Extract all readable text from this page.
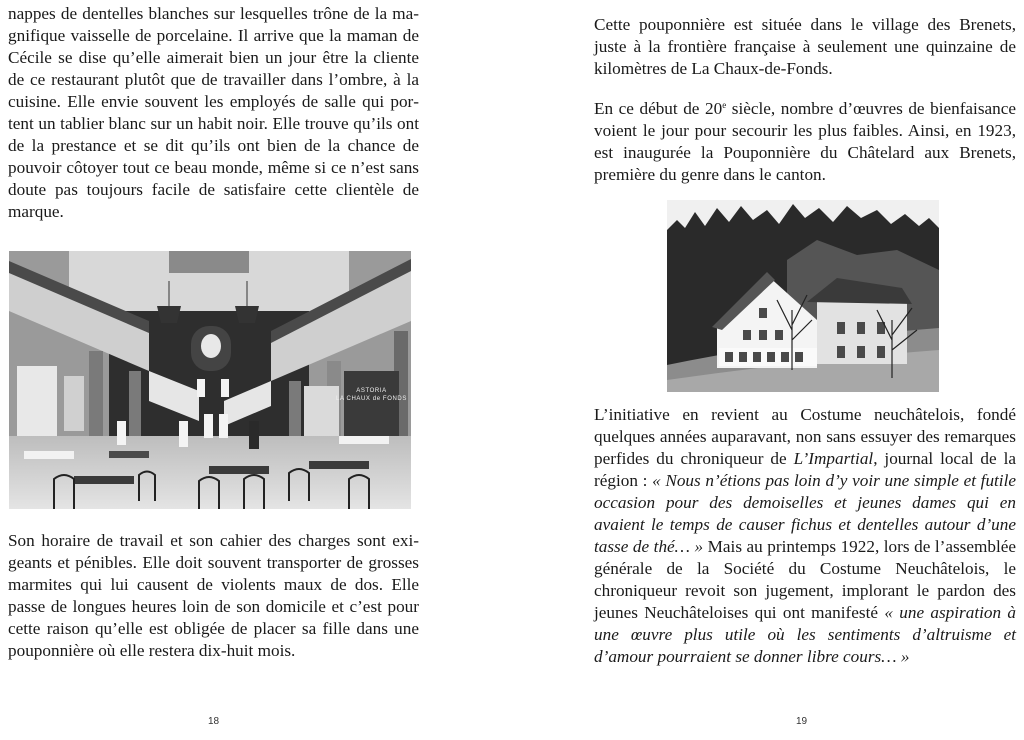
nappes de dentelles blanches sur lesquelles trône de la magnifique vaisselle de porcelaine. Il arrive que la maman de Cécile se dise qu’elle aimerait bien un jour être la cliente de ce restaurant plutôt que de travailler dans l’ombre, à la cuisine. Elle envie souvent les employés de salle qui portent un tablier blanc sur un habit noir. Elle trouve qu’ils ont de la prestance et se dit qu’ils ont bien de la chance de pouvoir côtoyer tout ce beau monde, même si ce n’est sans doute pas toujours facile de satisfaire cette clientèle de marque.

ASTORIA
LA CHAUX de FONDS

Son horaire de travail et son cahier des charges sont exigeants et pénibles. Elle doit souvent transporter de grosses marmites qui lui causent de violents maux de dos. Elle passe de longues heures loin de son domicile et c’est pour cette raison qu’elle est obligée de placer sa fille dans une pouponnière où elle restera dix-huit mois.

18

Cette pouponnière est située dans le village des Brenets, juste à la frontière française à seulement une quinzaine de kilomètres de La Chaux-de-Fonds.

En ce début de 20e siècle, nombre d’œuvres de bienfaisance voient le jour pour secourir les plus faibles. Ainsi, en 1923, est inaugurée la Pouponnière du Châtelard aux Brenets, première du genre dans le canton.

L’initiative en revient au Costume neuchâtelois, fondé quelques années auparavant, non sans essuyer des remarques perfides du chroniqueur de L’Impartial, journal local de la région : « Nous n’étions pas loin d’y voir une simple et futile occasion pour des demoiselles et jeunes dames qui en avaient le temps de causer fichus et dentelles autour d’une tasse de thé… » Mais au printemps 1922, lors de l’assemblée générale de la Société du Costume Neuchâtelois, le chroniqueur revoit son jugement, implorant le pardon des jeunes Neuchâteloises qui ont manifesté « une aspiration à une œuvre plus utile où les sentiments d’altruisme et d’amour pourraient se donner libre cours… »

19
